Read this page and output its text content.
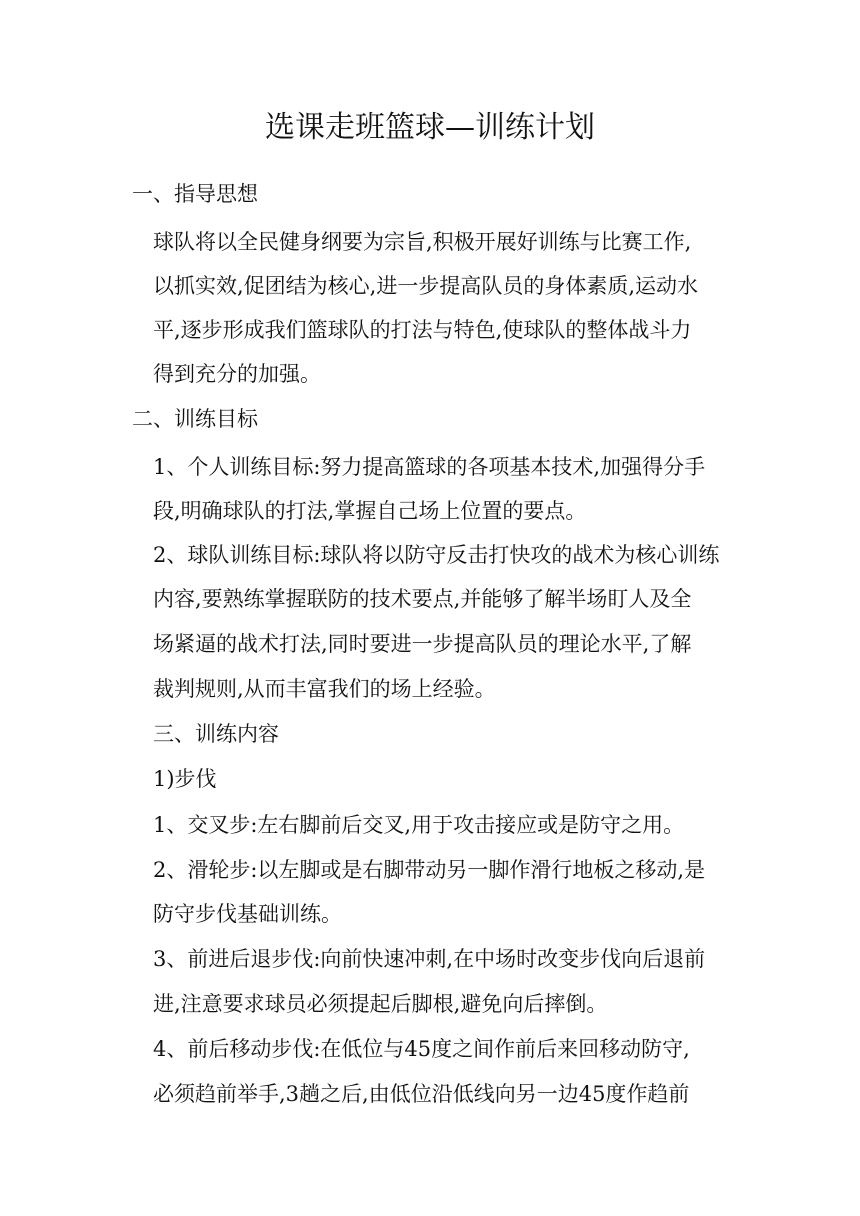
选课走班篮球—训练计划
一、指导思想
球队将以全民健身纲要为宗旨,积极开展好训练与比赛工作,
以抓实效,促团结为核心,进一步提高队员的身体素质,运动水
平,逐步形成我们篮球队的打法与特色,使球队的整体战斗力
得到充分的加强。
二、训练目标
1、个人训练目标:努力提高篮球的各项基本技术,加强得分手
段,明确球队的打法,掌握自己场上位置的要点。
2、球队训练目标:球队将以防守反击打快攻的战术为核心训练
内容,要熟练掌握联防的技术要点,并能够了解半场盯人及全
场紧逼的战术打法,同时要进一步提高队员的理论水平,了解
裁判规则,从而丰富我们的场上经验。
三、训练内容
1)步伐
1、交叉步:左右脚前后交叉,用于攻击接应或是防守之用。
2、滑轮步:以左脚或是右脚带动另一脚作滑行地板之移动,是
防守步伐基础训练。
3、前进后退步伐:向前快速冲刺,在中场时改变步伐向后退前
进,注意要求球员必须提起后脚根,避免向后摔倒。
4、前后移动步伐:在低位与45度之间作前后来回移动防守,
必须趋前举手,3趟之后,由低位沿低线向另一边45度作趋前
